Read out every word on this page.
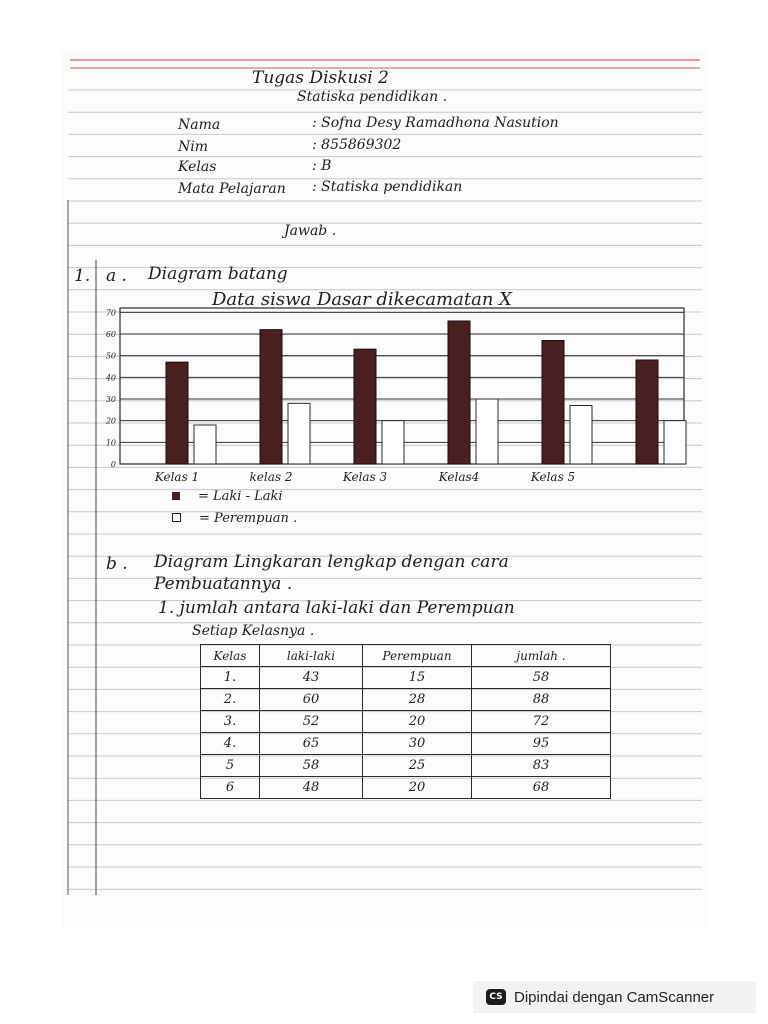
Tugas Diskusi 2
Statiska pendidikan .
Nama	: Sofna Desy Ramadhona Nasution
Nim	: 855869302
Kelas	: B
Mata Pelajaran : Statiska pendidikan
Jawab .
1. a . Diagram batang
Data siswa Dasar dikecamatan X
0
10
20
30
40
50
60
70
Kelas 1	kelas 2	Kelas 3	Kelas4	Kelas 5
= Laki - Laki
= Perempuan .
b . Diagram Lingkaran lengkap dengan cara
Pembuatannya .
1. jumlah antara laki-laki dan Perempuan
Setiap Kelasnya .
Kelas	laki-laki	Perempuan	jumlah .
1.	43	15	58
2.	60	28	88
3.	52	20	72
4.	65	30	95
5	58	25	83
6	48	20	68
CS Dipindai dengan CamScanner
